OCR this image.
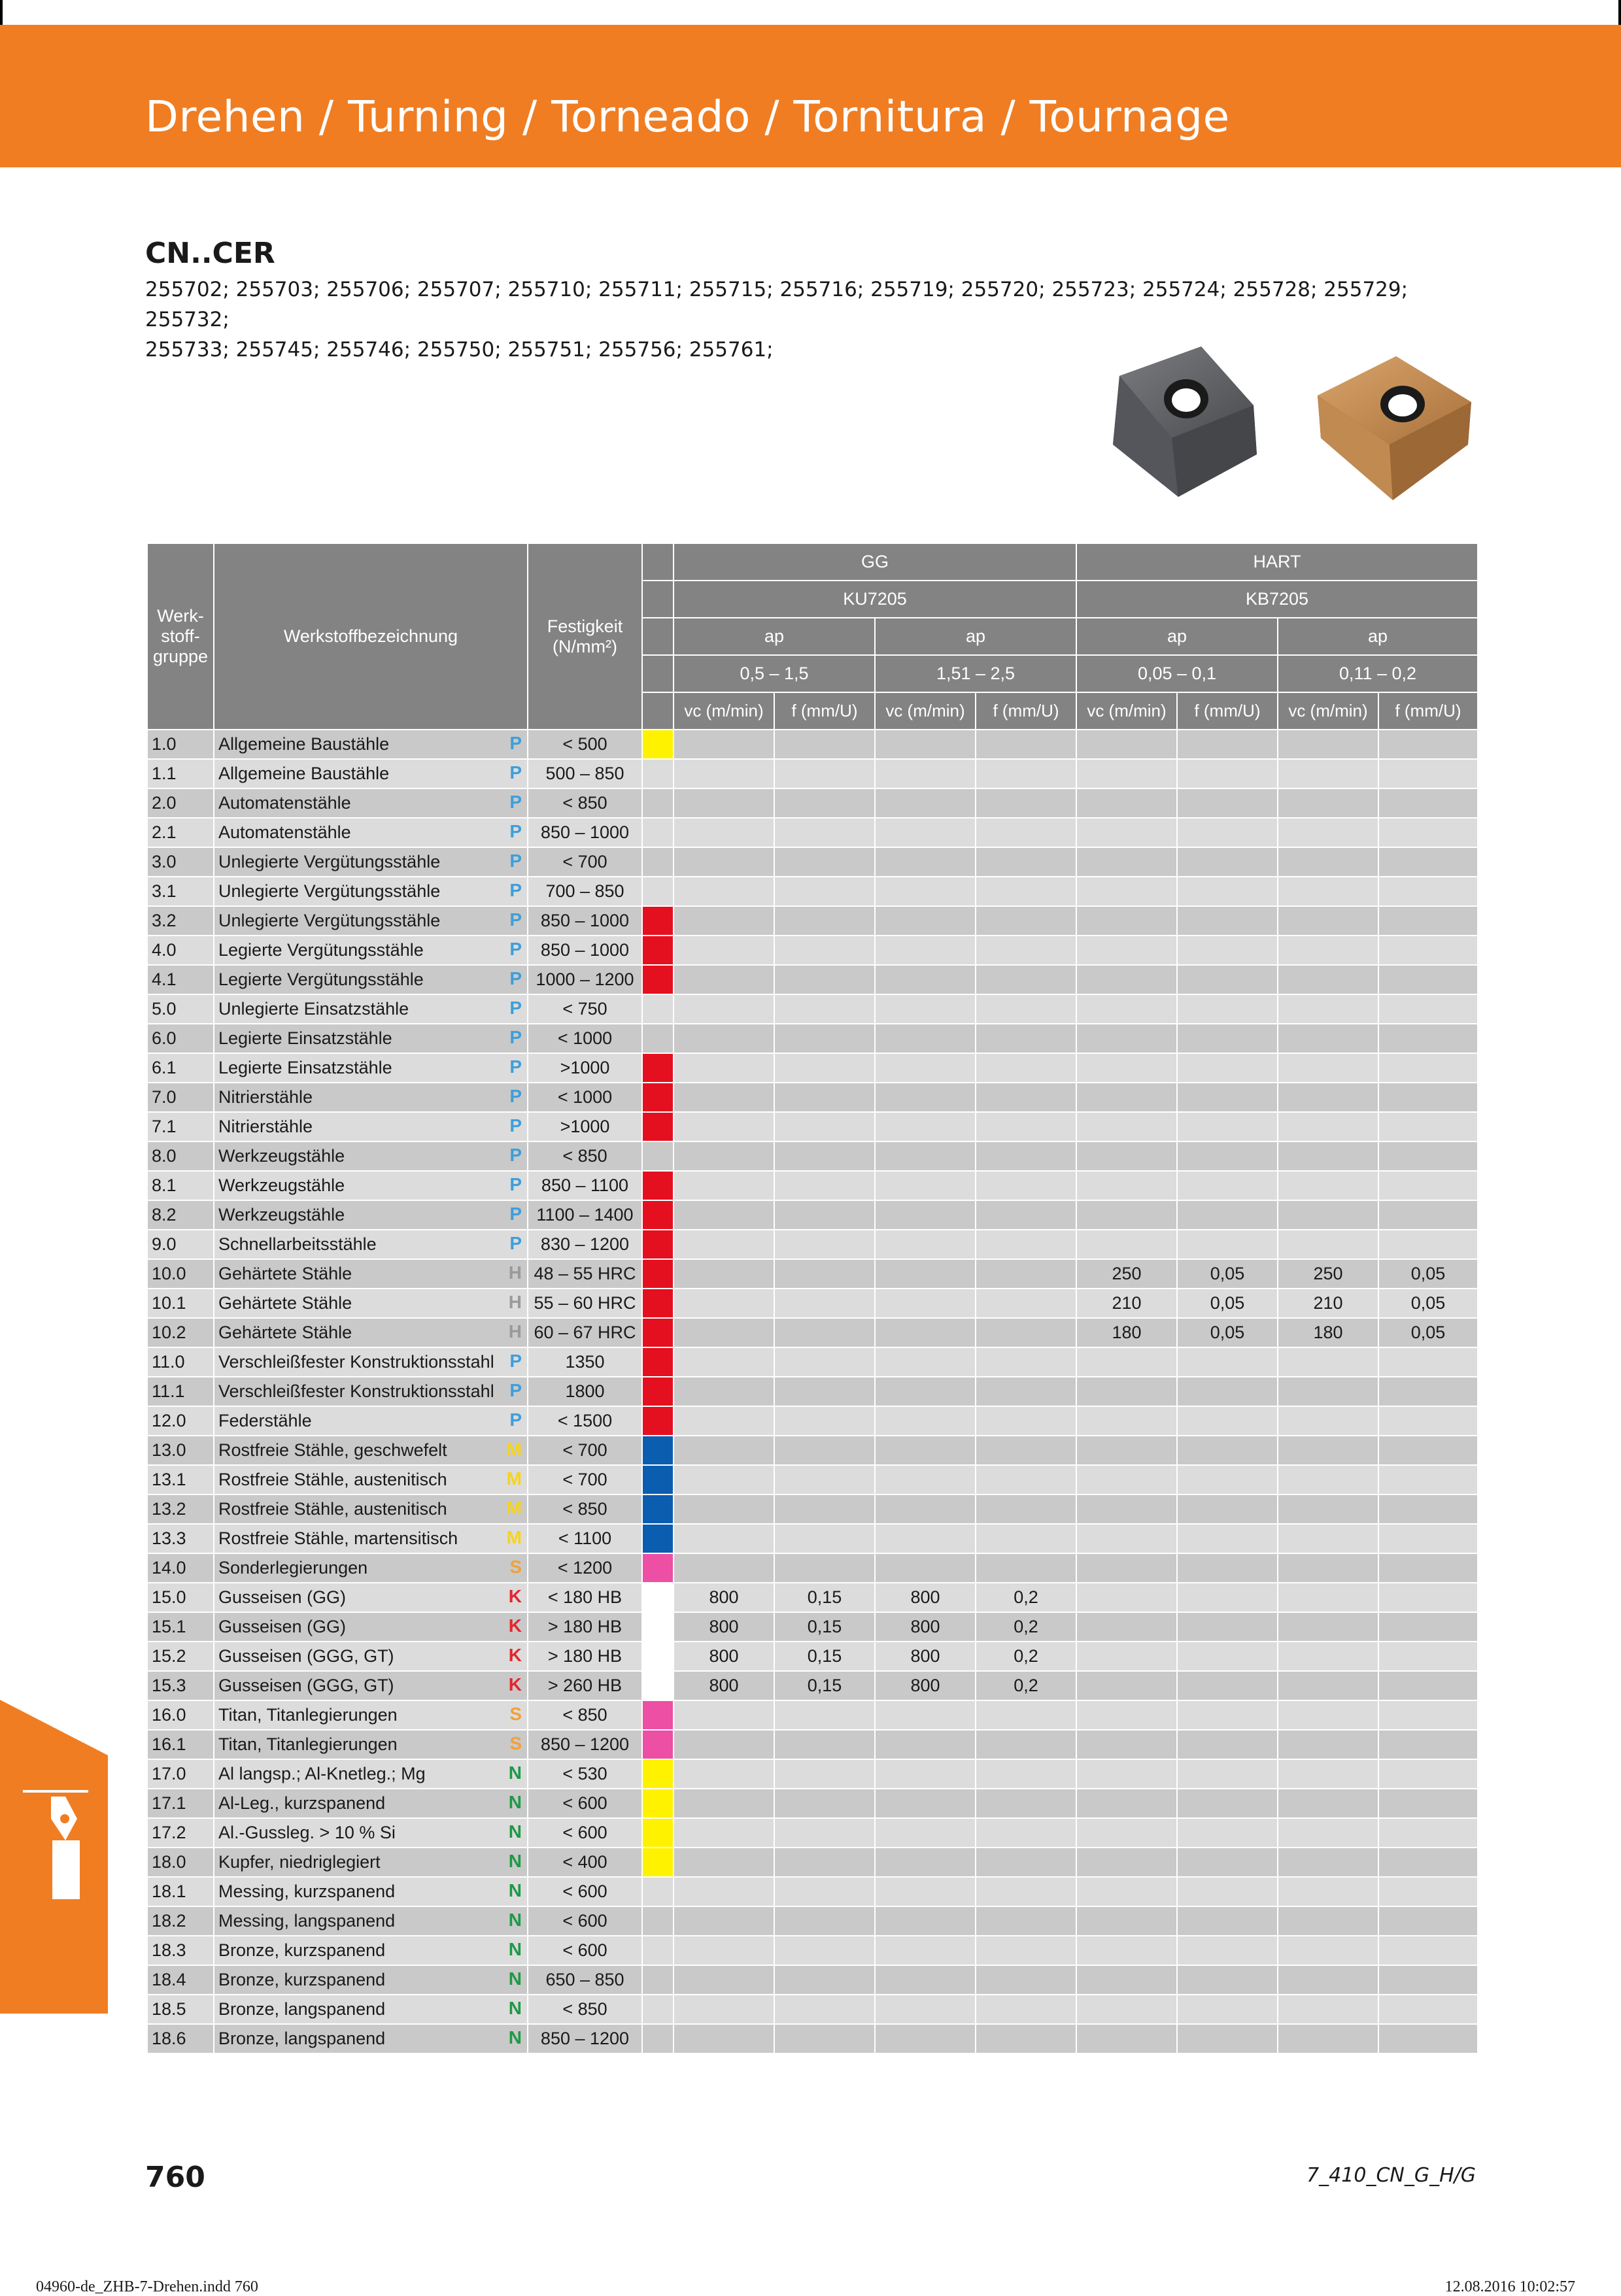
Drehen / Turning / Torneado / Tornitura / Tournage
CN..CER
255702; 255703; 255706; 255707; 255710; 255711; 255715; 255716; 255719; 255720; 255723; 255724; 255728; 255729; 255732;
255733; 255745; 255746; 255750; 255751; 255756; 255761;
Werk-stoff-gruppe	Werkstoffbezeichnung	Festigkeit (N/mm²)		GG				HART			
				KU7205				KB7205			
				ap		ap		ap		ap	
				0,5 – 1,5		1,51 – 2,5		0,05 – 0,1		0,11 – 0,2	
				vc (m/min)	f (mm/U)	vc (m/min)	f (mm/U)	vc (m/min)	f (mm/U)	vc (m/min)	f (mm/U)
1.0	Allgemeine Baustähle P	< 500									
1.1	Allgemeine Baustähle P	500 – 850									
2.0	Automatenstähle P	< 850									
2.1	Automatenstähle P	850 – 1000									
3.0	Unlegierte Vergütungsstähle P	< 700									
3.1	Unlegierte Vergütungsstähle P	700 – 850									
3.2	Unlegierte Vergütungsstähle P	850 – 1000									
4.0	Legierte Vergütungsstähle P	850 – 1000									
4.1	Legierte Vergütungsstähle P	1000 – 1200									
5.0	Unlegierte Einsatzstähle P	< 750									
6.0	Legierte Einsatzstähle P	< 1000									
6.1	Legierte Einsatzstähle P	>1000									
7.0	Nitrierstähle P	< 1000									
7.1	Nitrierstähle P	>1000									
8.0	Werkzeugstähle P	< 850									
8.1	Werkzeugstähle P	850 – 1100									
8.2	Werkzeugstähle P	1100 – 1400									
9.0	Schnellarbeitsstähle P	830 – 1200									
10.0	Gehärtete Stähle H	48 – 55 HRC						250	0,05	250	0,05
10.1	Gehärtete Stähle H	55 – 60 HRC						210	0,05	210	0,05
10.2	Gehärtete Stähle H	60 – 67 HRC						180	0,05	180	0,05
11.0	Verschleißfester Konstruktionsstahl P	1350									
11.1	Verschleißfester Konstruktionsstahl P	1800									
12.0	Federstähle P	< 1500									
13.0	Rostfreie Stähle, geschwefelt M	< 700									
13.1	Rostfreie Stähle, austenitisch M	< 700									
13.2	Rostfreie Stähle, austenitisch M	< 850									
13.3	Rostfreie Stähle, martensitisch M	< 1100									
14.0	Sonderlegierungen S	< 1200									
15.0	Gusseisen (GG) K	< 180 HB		800	0,15	800	0,2				
15.1	Gusseisen (GG) K	> 180 HB		800	0,15	800	0,2				
15.2	Gusseisen (GGG, GT) K	> 180 HB		800	0,15	800	0,2				
15.3	Gusseisen (GGG, GT) K	> 260 HB		800	0,15	800	0,2				
16.0	Titan, Titanlegierungen S	< 850									
16.1	Titan, Titanlegierungen S	850 – 1200									
17.0	Al langsp.; Al-Knetleg.; Mg N	< 530									
17.1	Al-Leg., kurzspanend N	< 600									
17.2	Al.-Gussleg. > 10 % Si N	< 600									
18.0	Kupfer, niedriglegiert N	< 400									
18.1	Messing, kurzspanend N	< 600									
18.2	Messing, langspanend N	< 600									
18.3	Bronze, kurzspanend N	< 600									
18.4	Bronze, kurzspanend N	650 – 850									
18.5	Bronze, langspanend N	< 850									
18.6	Bronze, langspanend N	850 – 1200									
760	7_410_CN_G_H/G
04960-de_ZHB-7-Drehen.indd 760	12.08.2016 10:02:57
